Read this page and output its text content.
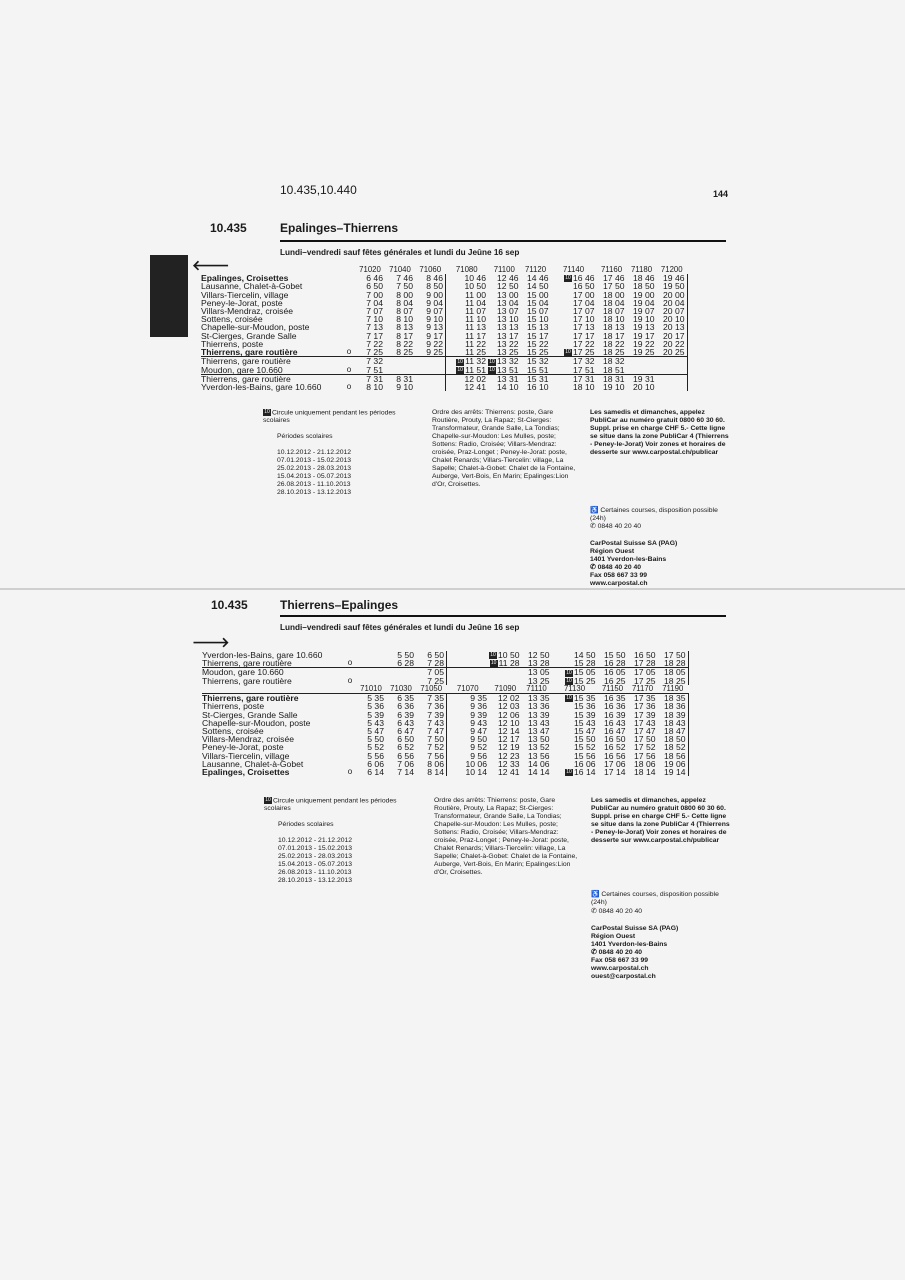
10.435,10.440	144
10.435	Epalinges–Thierrens
Lundi–vendredi sauf fêtes générales et lundi du Jeûne 16 sep
🡐
			71020	71040	71060	71080	71100	71120	71140	71160	71180	71200
Epalinges, Croisettes		6 46	7 46	8 46	10 46	12 46	14 46	10 16 46	17 46	18 46	19 46
Lausanne, Chalet-à-Gobet		6 50	7 50	8 50	10 50	12 50	14 50	16 50	17 50	18 50	19 50
Villars-Tiercelin, village		7 00	8 00	9 00	11 00	13 00	15 00	17 00	18 00	19 00	20 00
Peney-le-Jorat, poste		7 04	8 04	9 04	11 04	13 04	15 04	17 04	18 04	19 04	20 04
Villars-Mendraz, croisée		7 07	8 07	9 07	11 07	13 07	15 07	17 07	18 07	19 07	20 07
Sottens, croisée		7 10	8 10	9 10	11 10	13 10	15 10	17 10	18 10	19 10	20 10
Chapelle-sur-Moudon, poste		7 13	8 13	9 13	11 13	13 13	15 13	17 13	18 13	19 13	20 13
St-Cierges, Grande Salle		7 17	8 17	9 17	11 17	13 17	15 17	17 17	18 17	19 17	20 17
Thierrens, poste		7 22	8 22	9 22	11 22	13 22	15 22	17 22	18 22	19 22	20 22
Thierrens, gare routière	o	7 25	8 25	9 25	11 25	13 25	15 25	10 17 25	18 25	19 25	20 25
Thierrens, gare routière		7 32			10 11 32	10 13 32	15 32	17 32	18 32		
Moudon, gare 10.660	o	7 51			10 11 51	10 13 51	15 51	17 51	18 51		
Thierrens, gare routière		7 31	8 31		12 02	13 31	15 31	17 31	18 31	19 31	
Yverdon-les-Bains, gare 10.660	o	8 10	9 10		12 41	14 10	16 10	18 10	19 10	20 10	
10 Circule uniquement pendant les périodes scolaires
Périodes scolaires
10.12.2012 - 21.12.2012
07.01.2013 - 15.02.2013
25.02.2013 - 28.03.2013
15.04.2013 - 05.07.2013
26.08.2013 - 11.10.2013
28.10.2013 - 13.12.2013
Ordre des arrêts: Thierrens: poste, Gare Routière, Prouty, La Rapaz; St-Cierges: Transformateur, Grande Salle, La Tondias; Chapelle-sur-Moudon: Les Mulles, poste; Sottens: Radio, Croisée; Villars-Mendraz: croisée, Praz-Longet ; Peney-le-Jorat: poste, Chalet Renards; Villars-Tiercelin: village, La Sapelle; Chalet-à-Gobet: Chalet de la Fontaine, Auberge, Vert-Bois, En Marin; Epalinges:Lion d'Or, Croisettes.
Les samedis et dimanches, appelez PubliCar au numéro gratuit 0800 60 30 60. Suppl. prise en charge CHF 5.- Cette ligne se situe dans la zone PubliCar 4 (Thierrens - Peney-le-Jorat) Voir zones et horaires de desserte sur www.carpostal.ch/publicar
♿ Certaines courses, disposition possible (24h)
✆ 0848 40 20 40
CarPostal Suisse SA (PAG)
Région Ouest
1401 Yverdon-les-Bains
✆ 0848 40 20 40
Fax 058 667 33 99
www.carpostal.ch
10.435	Thierrens–Epalinges
Lundi–vendredi sauf fêtes générales et lundi du Jeûne 16 sep
🡒
Yverdon-les-Bains, gare 10.660			5 50	6 50		10 10 50	12 50	14 50	15 50	16 50	17 50
Thierrens, gare routière	o		6 28	7 28		10 11 28	13 28	15 28	16 28	17 28	18 28
Moudon, gare 10.660				7 05			13 05	10 15 05	16 05	17 05	18 05
Thierrens, gare routière	o			7 25			13 25	10 15 25	16 25	17 25	18 25
		71010	71030	71050	71070	71090	71110	71130	71150	71170	71190
Thierrens, gare routière		5 35	6 35	7 35	9 35	12 02	13 35	10 15 35	16 35	17 35	18 35
Thierrens, poste		5 36	6 36	7 36	9 36	12 03	13 36	15 36	16 36	17 36	18 36
St-Cierges, Grande Salle		5 39	6 39	7 39	9 39	12 06	13 39	15 39	16 39	17 39	18 39
Chapelle-sur-Moudon, poste		5 43	6 43	7 43	9 43	12 10	13 43	15 43	16 43	17 43	18 43
Sottens, croisée		5 47	6 47	7 47	9 47	12 14	13 47	15 47	16 47	17 47	18 47
Villars-Mendraz, croisée		5 50	6 50	7 50	9 50	12 17	13 50	15 50	16 50	17 50	18 50
Peney-le-Jorat, poste		5 52	6 52	7 52	9 52	12 19	13 52	15 52	16 52	17 52	18 52
Villars-Tiercelin, village		5 56	6 56	7 56	9 56	12 23	13 56	15 56	16 56	17 56	18 56
Lausanne, Chalet-à-Gobet		6 06	7 06	8 06	10 06	12 33	14 06	16 06	17 06	18 06	19 06
Epalinges, Croisettes	o	6 14	7 14	8 14	10 14	12 41	14 14	10 16 14	17 14	18 14	19 14
10 Circule uniquement pendant les périodes scolaires
Périodes scolaires
10.12.2012 - 21.12.2012
07.01.2013 - 15.02.2013
25.02.2013 - 28.03.2013
15.04.2013 - 05.07.2013
26.08.2013 - 11.10.2013
28.10.2013 - 13.12.2013
Ordre des arrêts: Thierrens: poste, Gare Routière, Prouty, La Rapaz; St-Cierges: Transformateur, Grande Salle, La Tondias; Chapelle-sur-Moudon: Les Mulles, poste; Sottens: Radio, Croisée; Villars-Mendraz: croisée, Praz-Longet ; Peney-le-Jorat: poste, Chalet Renards; Villars-Tiercelin: village, La Sapelle; Chalet-à-Gobet: Chalet de la Fontaine, Auberge, Vert-Bois, En Marin; Epalinges:Lion d'Or, Croisettes.
Les samedis et dimanches, appelez PubliCar au numéro gratuit 0800 60 30 60. Suppl. prise en charge CHF 5.- Cette ligne se situe dans la zone PubliCar 4 (Thierrens - Peney-le-Jorat) Voir zones et horaires de desserte sur www.carpostal.ch/publicar
♿ Certaines courses, disposition possible (24h)
✆ 0848 40 20 40
CarPostal Suisse SA (PAG)
Région Ouest
1401 Yverdon-les-Bains
✆ 0848 40 20 40
Fax 058 667 33 99
www.carpostal.ch
ouest@carpostal.ch
